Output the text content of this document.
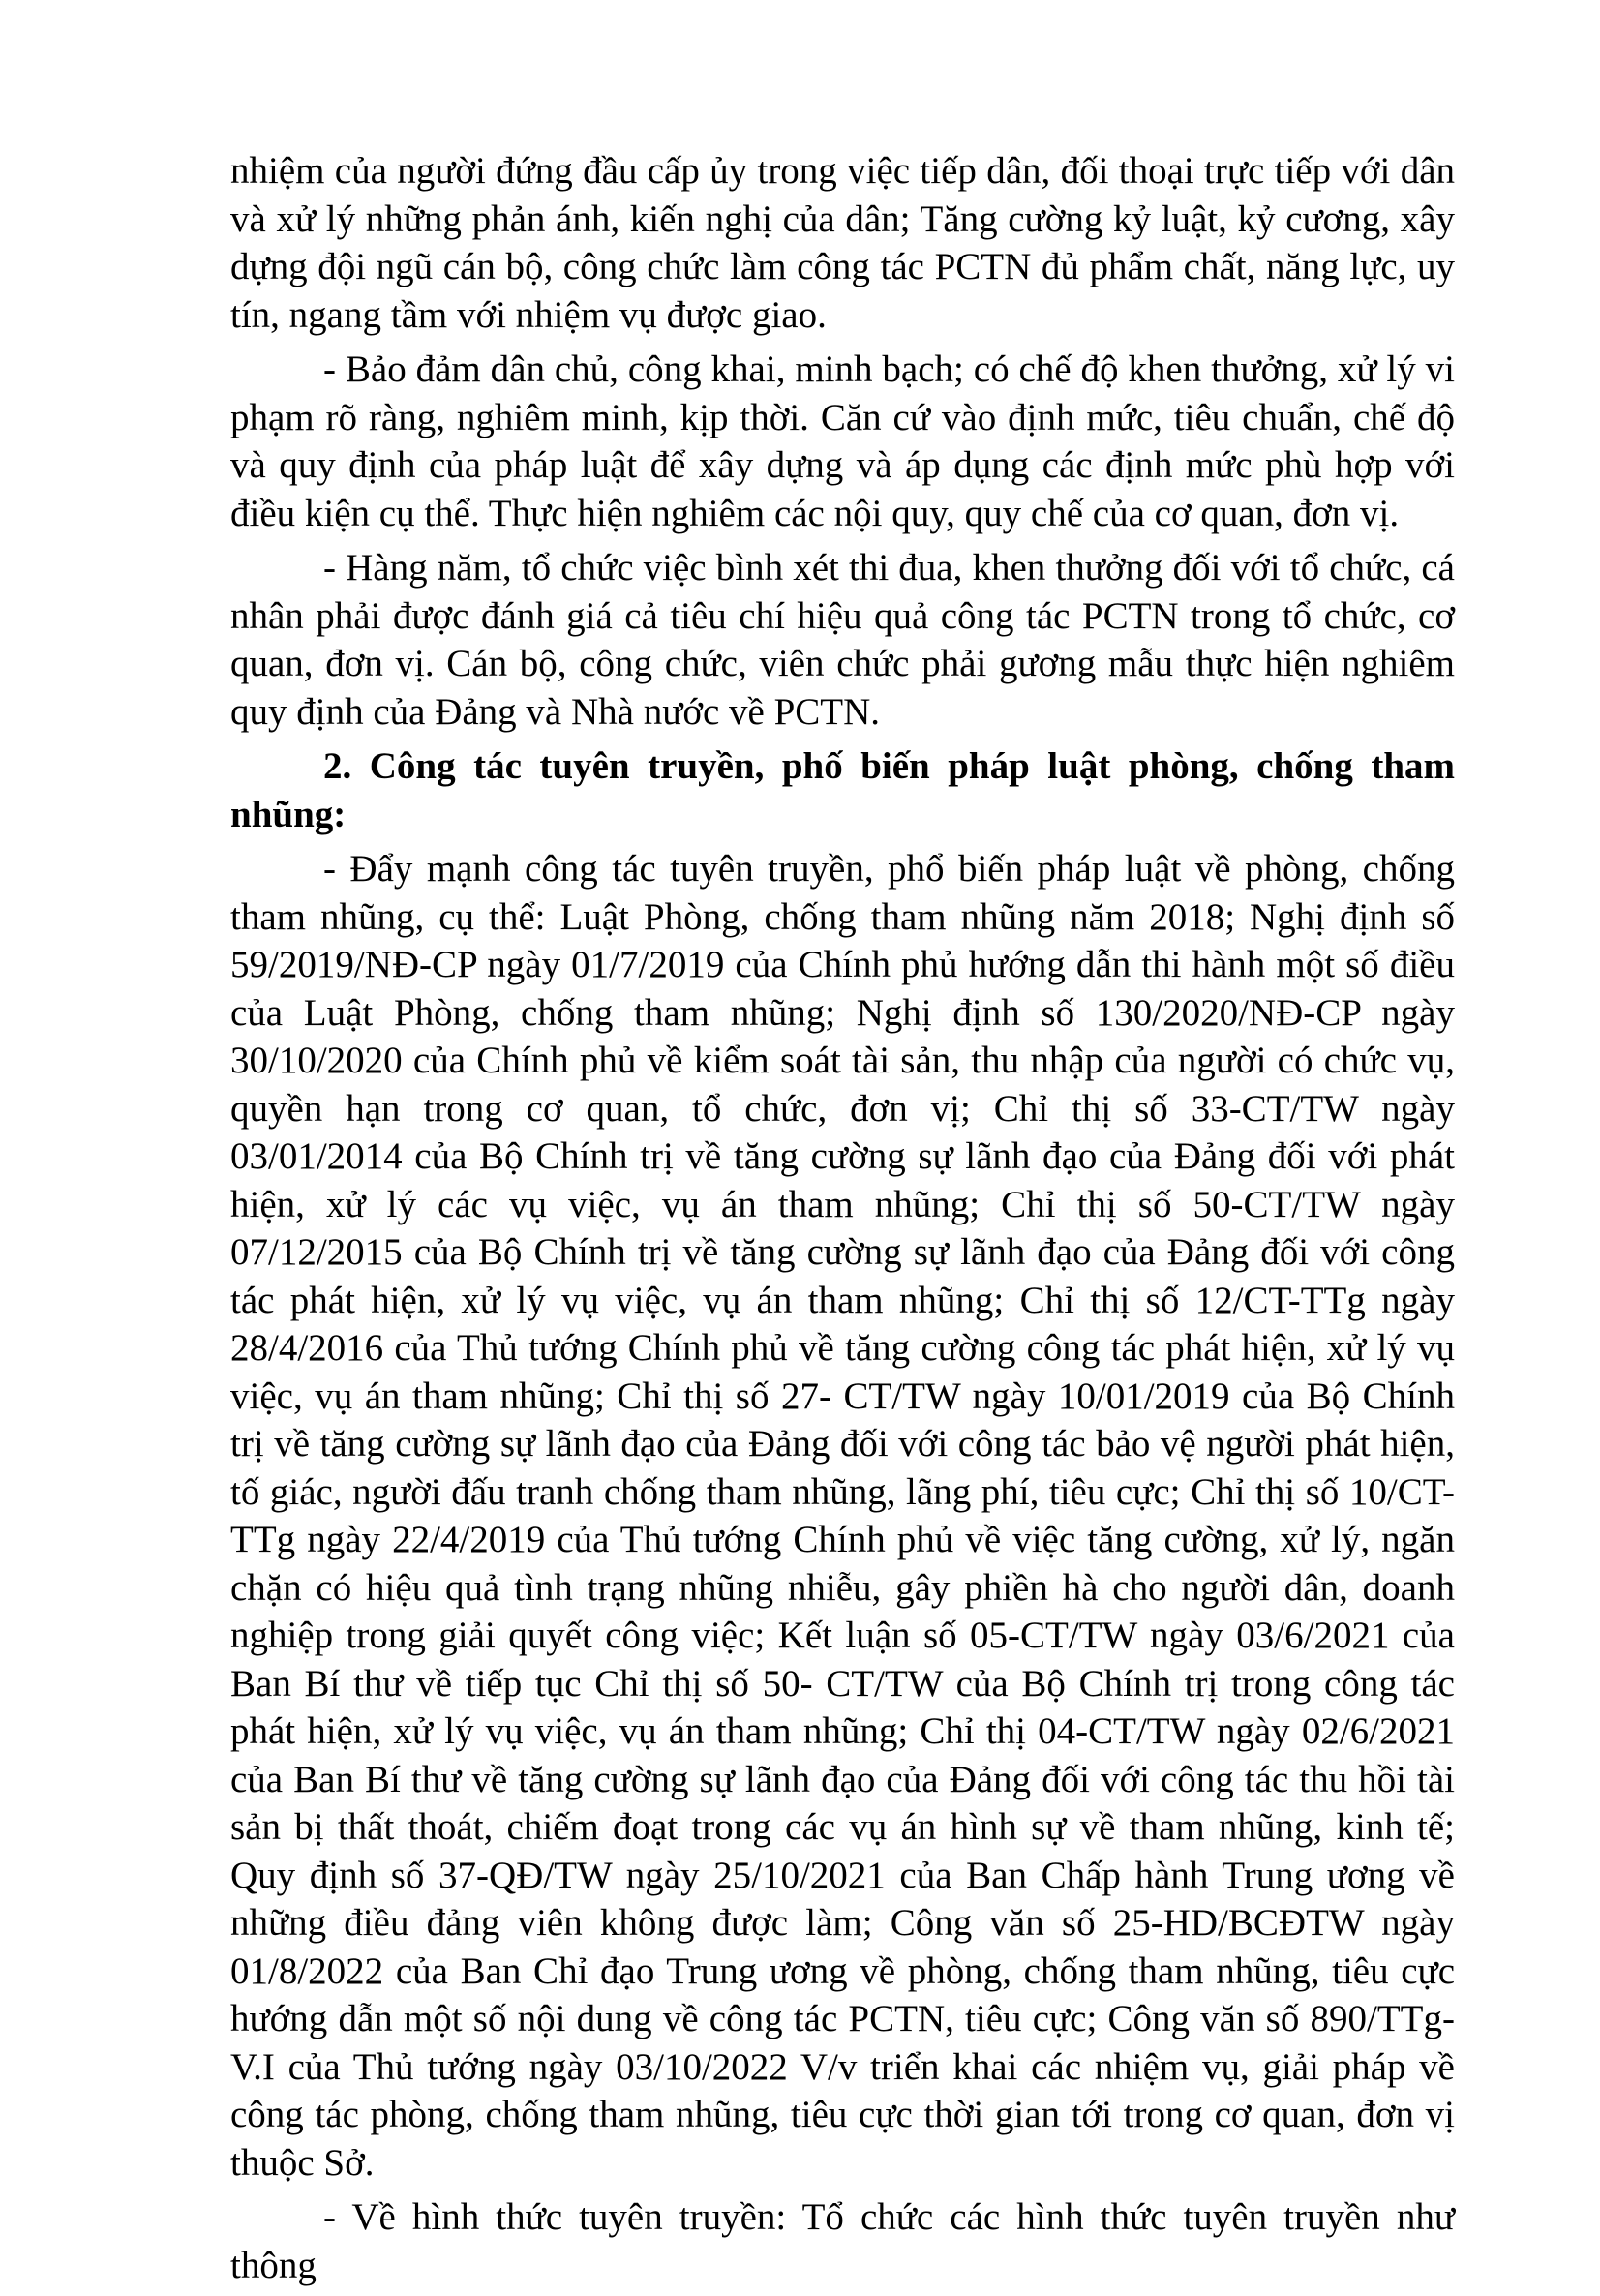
nhiệm của người đứng đầu cấp ủy trong việc tiếp dân, đối thoại trực tiếp với dân và xử lý những phản ánh, kiến nghị của dân; Tăng cường kỷ luật, kỷ cương, xây dựng đội ngũ cán bộ, công chức làm công tác PCTN đủ phẩm chất, năng lực, uy tín, ngang tầm với nhiệm vụ được giao.

- Bảo đảm dân chủ, công khai, minh bạch; có chế độ khen thưởng, xử lý vi phạm rõ ràng, nghiêm minh, kịp thời. Căn cứ vào định mức, tiêu chuẩn, chế độ và quy định của pháp luật để xây dựng và áp dụng các định mức phù hợp với điều kiện cụ thể. Thực hiện nghiêm các nội quy, quy chế của cơ quan, đơn vị.

- Hàng năm, tổ chức việc bình xét thi đua, khen thưởng đối với tổ chức, cá nhân phải được đánh giá cả tiêu chí hiệu quả công tác PCTN trong tổ chức, cơ quan, đơn vị. Cán bộ, công chức, viên chức phải gương mẫu thực hiện nghiêm quy định của Đảng và Nhà nước về PCTN.

2. Công tác tuyên truyền, phố biến pháp luật phòng, chống tham nhũng:

- Đẩy mạnh công tác tuyên truyền, phổ biến pháp luật về phòng, chống tham nhũng, cụ thể: Luật Phòng, chống tham nhũng năm 2018; Nghị định số 59/2019/NĐ-CP ngày 01/7/2019 của Chính phủ hướng dẫn thi hành một số điều của Luật Phòng, chống tham nhũng; Nghị định số 130/2020/NĐ-CP ngày 30/10/2020 của Chính phủ về kiểm soát tài sản, thu nhập của người có chức vụ, quyền hạn trong cơ quan, tổ chức, đơn vị; Chỉ thị số 33-CT/TW ngày 03/01/2014 của Bộ Chính trị về tăng cường sự lãnh đạo của Đảng đối với phát hiện, xử lý các vụ việc, vụ án tham nhũng; Chỉ thị số 50-CT/TW ngày 07/12/2015 của Bộ Chính trị về tăng cường sự lãnh đạo của Đảng đối với công tác phát hiện, xử lý vụ việc, vụ án tham nhũng; Chỉ thị số 12/CT-TTg ngày 28/4/2016 của Thủ tướng Chính phủ về tăng cường công tác phát hiện, xử lý vụ việc, vụ án tham nhũng; Chỉ thị số 27- CT/TW ngày 10/01/2019 của Bộ Chính trị về tăng cường sự lãnh đạo của Đảng đối với công tác bảo vệ người phát hiện, tố giác, người đấu tranh chống tham nhũng, lãng phí, tiêu cực; Chỉ thị số 10/CT-TTg ngày 22/4/2019 của Thủ tướng Chính phủ về việc tăng cường, xử lý, ngăn chặn có hiệu quả tình trạng nhũng nhiễu, gây phiền hà cho người dân, doanh nghiệp trong giải quyết công việc; Kết luận số 05-CT/TW ngày 03/6/2021 của Ban Bí thư về tiếp tục Chỉ thị số 50- CT/TW của Bộ Chính trị trong công tác phát hiện, xử lý vụ việc, vụ án tham nhũng; Chỉ thị 04-CT/TW ngày 02/6/2021 của Ban Bí thư về tăng cường sự lãnh đạo của Đảng đối với công tác thu hồi tài sản bị thất thoát, chiếm đoạt trong các vụ án hình sự về tham nhũng, kinh tế; Quy định số 37-QĐ/TW ngày 25/10/2021 của Ban Chấp hành Trung ương về những điều đảng viên không được làm; Công văn số 25-HD/BCĐTW ngày 01/8/2022 của Ban Chỉ đạo Trung ương về phòng, chống tham nhũng, tiêu cực hướng dẫn một số nội dung về công tác PCTN, tiêu cực; Công văn số 890/TTg-V.I của Thủ tướng ngày 03/10/2022 V/v triển khai các nhiệm vụ, giải pháp về công tác phòng, chống tham nhũng, tiêu cực thời gian tới trong cơ quan, đơn vị thuộc Sở.

- Về hình thức tuyên truyền: Tổ chức các hình thức tuyên truyền như thông
